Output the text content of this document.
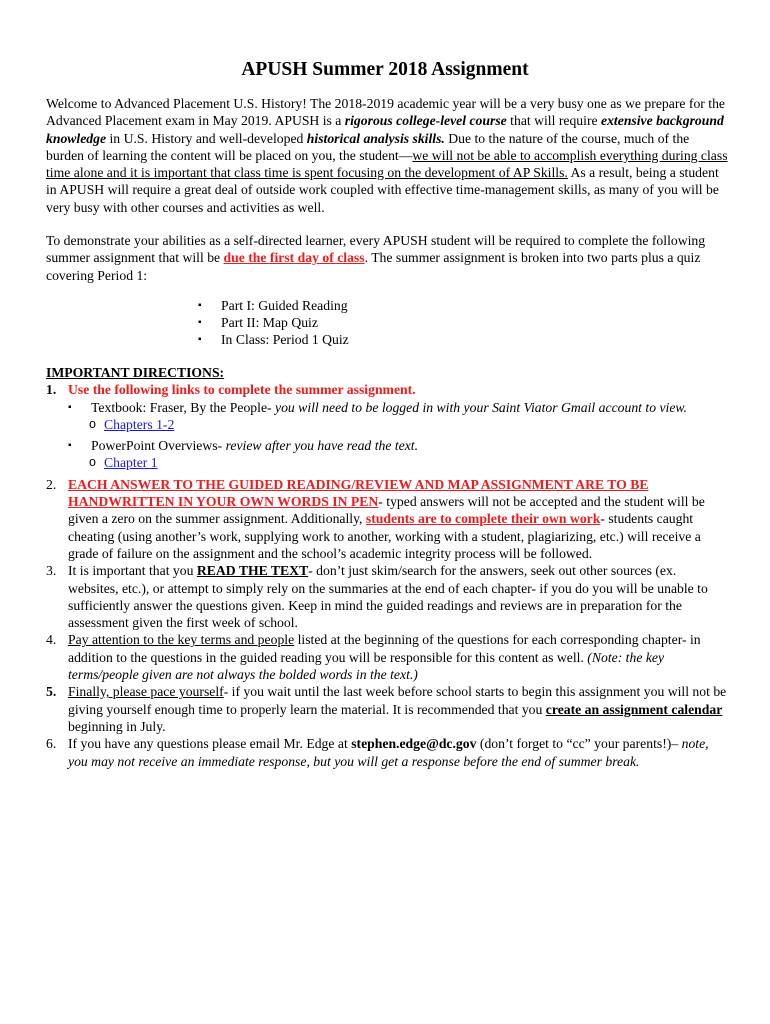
APUSH Summer 2018 Assignment
Welcome to Advanced Placement U.S. History! The 2018-2019 academic year will be a very busy one as we prepare for the Advanced Placement exam in May 2019. APUSH is a rigorous college-level course that will require extensive background knowledge in U.S. History and well-developed historical analysis skills. Due to the nature of the course, much of the burden of learning the content will be placed on you, the student—we will not be able to accomplish everything during class time alone and it is important that class time is spent focusing on the development of AP Skills. As a result, being a student in APUSH will require a great deal of outside work coupled with effective time-management skills, as many of you will be very busy with other courses and activities as well.
To demonstrate your abilities as a self-directed learner, every APUSH student will be required to complete the following summer assignment that will be due the first day of class. The summer assignment is broken into two parts plus a quiz covering Period 1:
▪ Part I: Guided Reading
▪ Part II: Map Quiz
▪ In Class: Period 1 Quiz
IMPORTANT DIRECTIONS:
1. Use the following links to complete the summer assignment.
▪ Textbook: Fraser, By the People- you will need to be logged in with your Saint Viator Gmail account to view.
o Chapters 1-2
▪ PowerPoint Overviews- review after you have read the text.
o Chapter 1
2. EACH ANSWER TO THE GUIDED READING/REVIEW AND MAP ASSIGNMENT ARE TO BE HANDWRITTEN IN YOUR OWN WORDS IN PEN- typed answers will not be accepted and the student will be given a zero on the summer assignment. Additionally, students are to complete their own work- students caught cheating (using another’s work, supplying work to another, working with a student, plagiarizing, etc.) will receive a grade of failure on the assignment and the school’s academic integrity process will be followed.
3. It is important that you READ THE TEXT- don’t just skim/search for the answers, seek out other sources (ex. websites, etc.), or attempt to simply rely on the summaries at the end of each chapter- if you do you will be unable to sufficiently answer the questions given. Keep in mind the guided readings and reviews are in preparation for the assessment given the first week of school.
4. Pay attention to the key terms and people listed at the beginning of the questions for each corresponding chapter- in addition to the questions in the guided reading you will be responsible for this content as well. (Note: the key terms/people given are not always the bolded words in the text.)
5. Finally, please pace yourself- if you wait until the last week before school starts to begin this assignment you will not be giving yourself enough time to properly learn the material. It is recommended that you create an assignment calendar beginning in July.
6. If you have any questions please email Mr. Edge at stephen.edge@dc.gov (don’t forget to “cc” your parents!)– note, you may not receive an immediate response, but you will get a response before the end of summer break.
